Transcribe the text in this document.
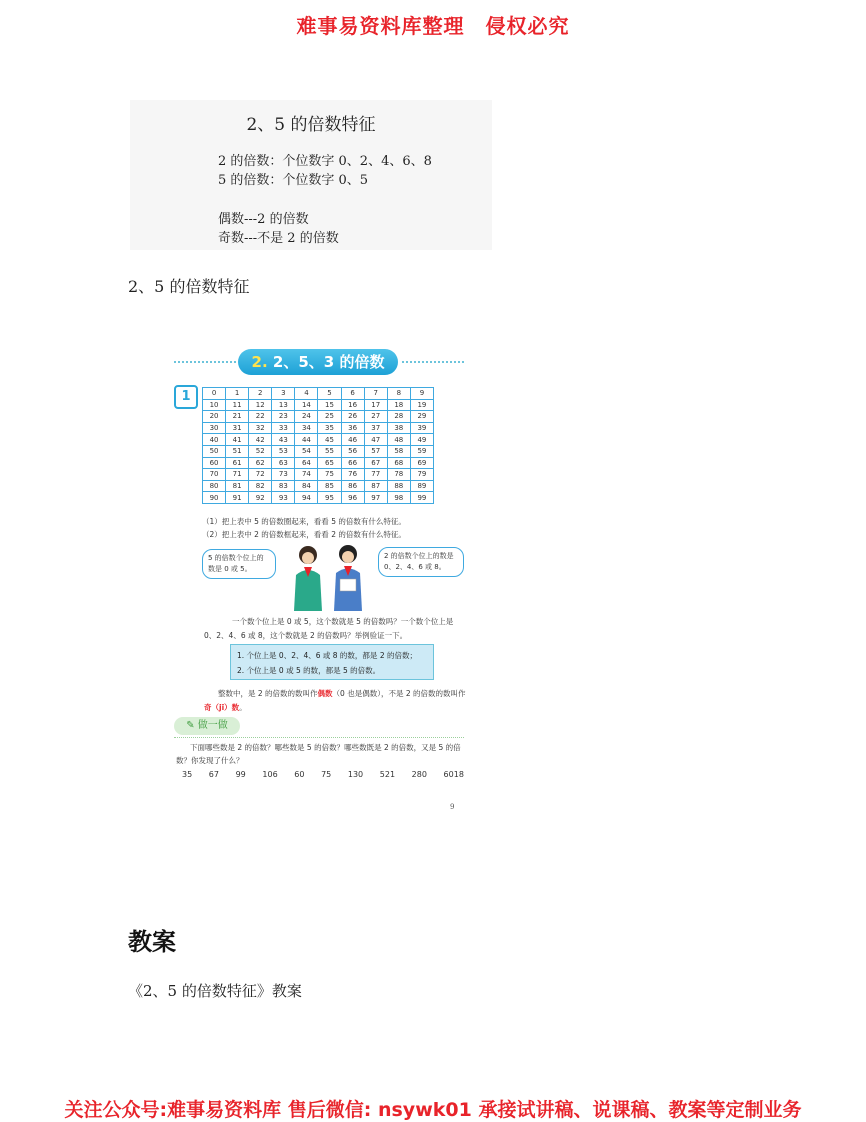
难事易资料库整理　侵权必究
2、5 的倍数特征
2 的倍数：个位数字 0、2、4、6、8
5 的倍数：个位数字 0、5
偶数---2 的倍数
奇数---不是 2 的倍数
2、5 的倍数特征
2. 2、5、3 的倍数
1	0	1	2	3	4	5	6	7	8	9
10	11	12	13	14	15	16	17	18	19
20	21	22	23	24	25	26	27	28	29
30	31	32	33	34	35	36	37	38	39
40	41	42	43	44	45	46	47	48	49
50	51	52	53	54	55	56	57	58	59
60	61	62	63	64	65	66	67	68	69
70	71	72	73	74	75	76	77	78	79
80	81	82	83	84	85	86	87	88	89
90	91	92	93	94	95	96	97	98	99
（1）把上表中 5 的倍数圈起来，看看 5 的倍数有什么特征。
（2）把上表中 2 的倍数框起来，看看 2 的倍数有什么特征。
5 的倍数个位上的数是 0 或 5。
2 的倍数个位上的数是 0、2、4、6 或 8。
一个数个位上是 0 或 5，这个数就是 5 的倍数吗？一个数个位上是 0、2、4、6 或 8，这个数就是 2 的倍数吗？举例验证一下。
1. 个位上是 0、2、4、6 或 8 的数，都是 2 的倍数；
2. 个位上是 0 或 5 的数，都是 5 的倍数。
整数中，是 2 的倍数的数叫作偶数（0 也是偶数），不是 2 的倍数的数叫作奇（jī）数。
✎ 做一做
下面哪些数是 2 的倍数？哪些数是 5 的倍数？哪些数既是 2 的倍数，又是 5 的倍数？你发现了什么？
35 67 99 106 60 75 130 521 280 6018
9
教案
《2、5 的倍数特征》教案
关注公众号:难事易资料库 售后微信: nsywk01 承接试讲稿、说课稿、教案等定制业务
